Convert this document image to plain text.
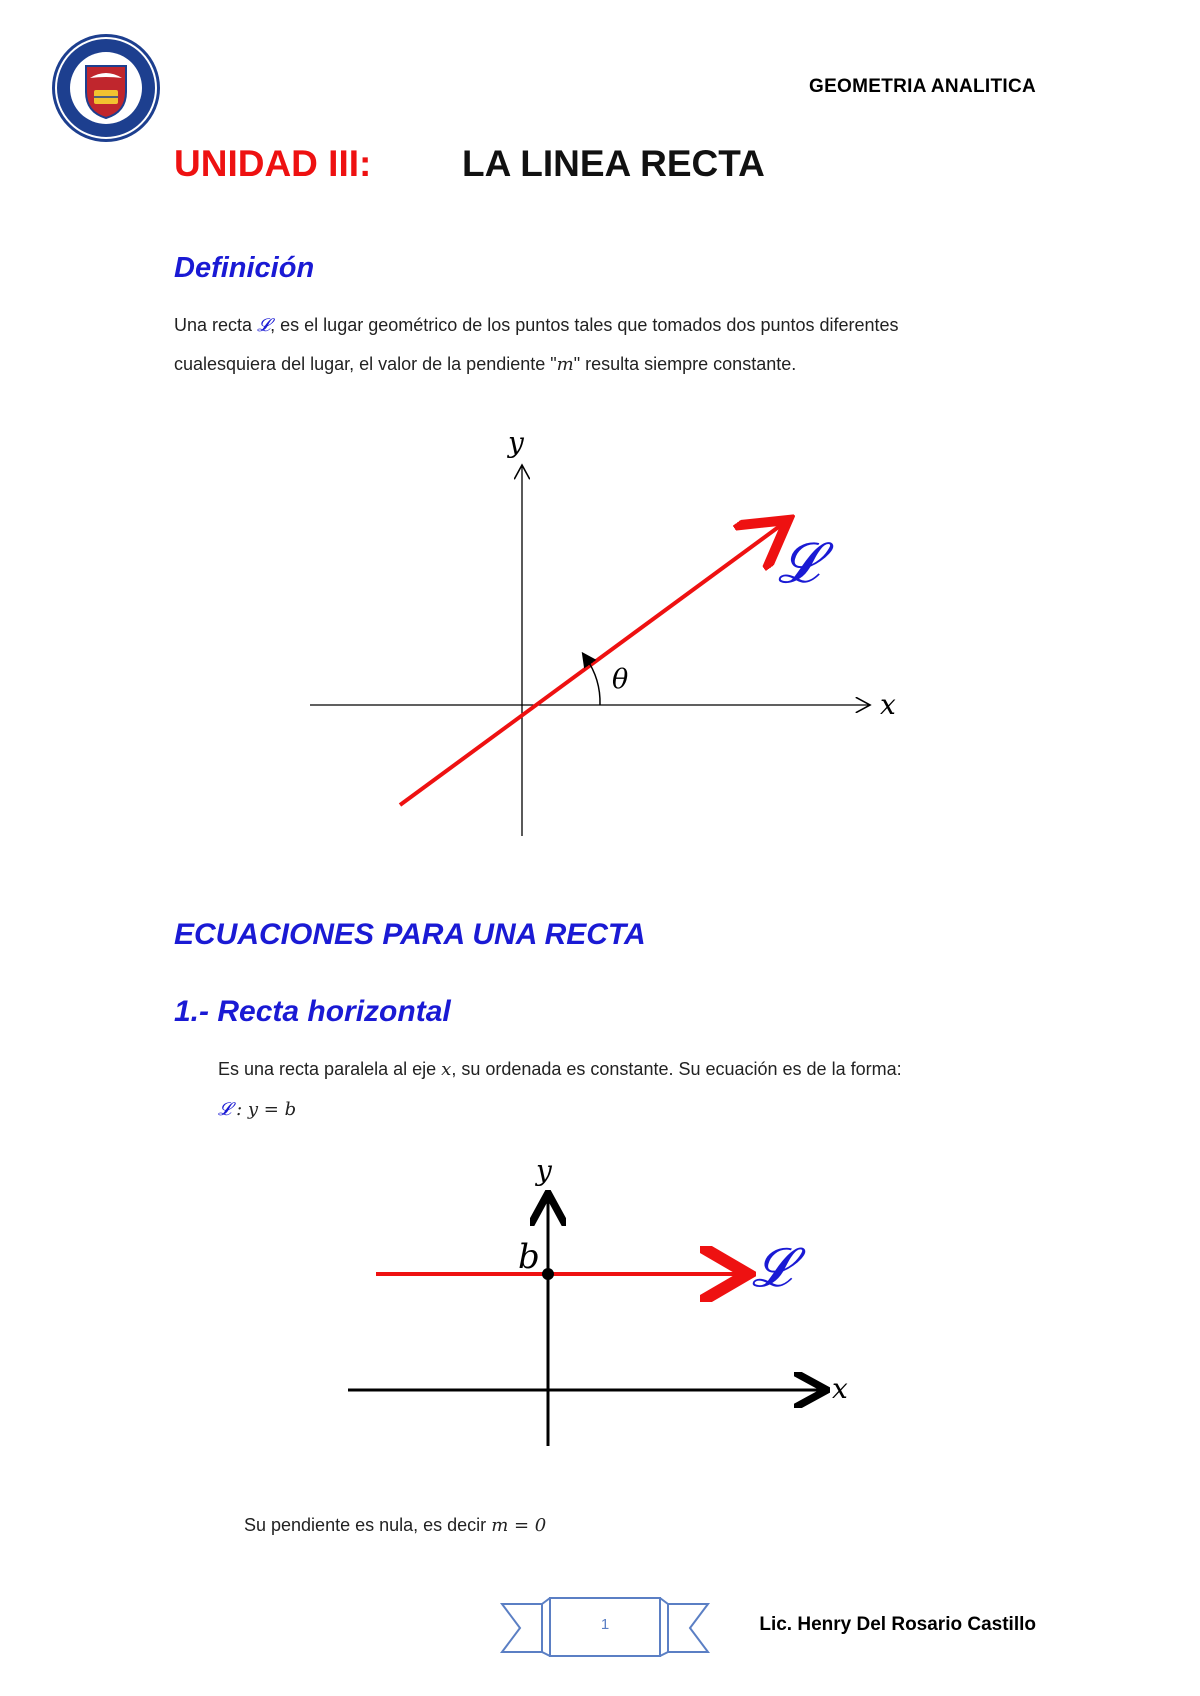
GEOMETRIA ANALITICA
UNIDAD III: LA LINEA RECTA
Definición
Una recta 𝓛, es el lugar geométrico de los puntos tales que tomados dos puntos diferentes
cualesquiera del lugar, el valor de la pendiente "m" resulta siempre constante.
y
x
𝓛
θ
ECUACIONES PARA UNA RECTA
1.- Recta horizontal
Es una recta paralela al eje x, su ordenada es constante. Su ecuación es de la forma:
𝓛 : y = b
y
x
b	𝓛
Su pendiente es nula, es decir m = 0
1	Lic. Henry Del Rosario Castillo
